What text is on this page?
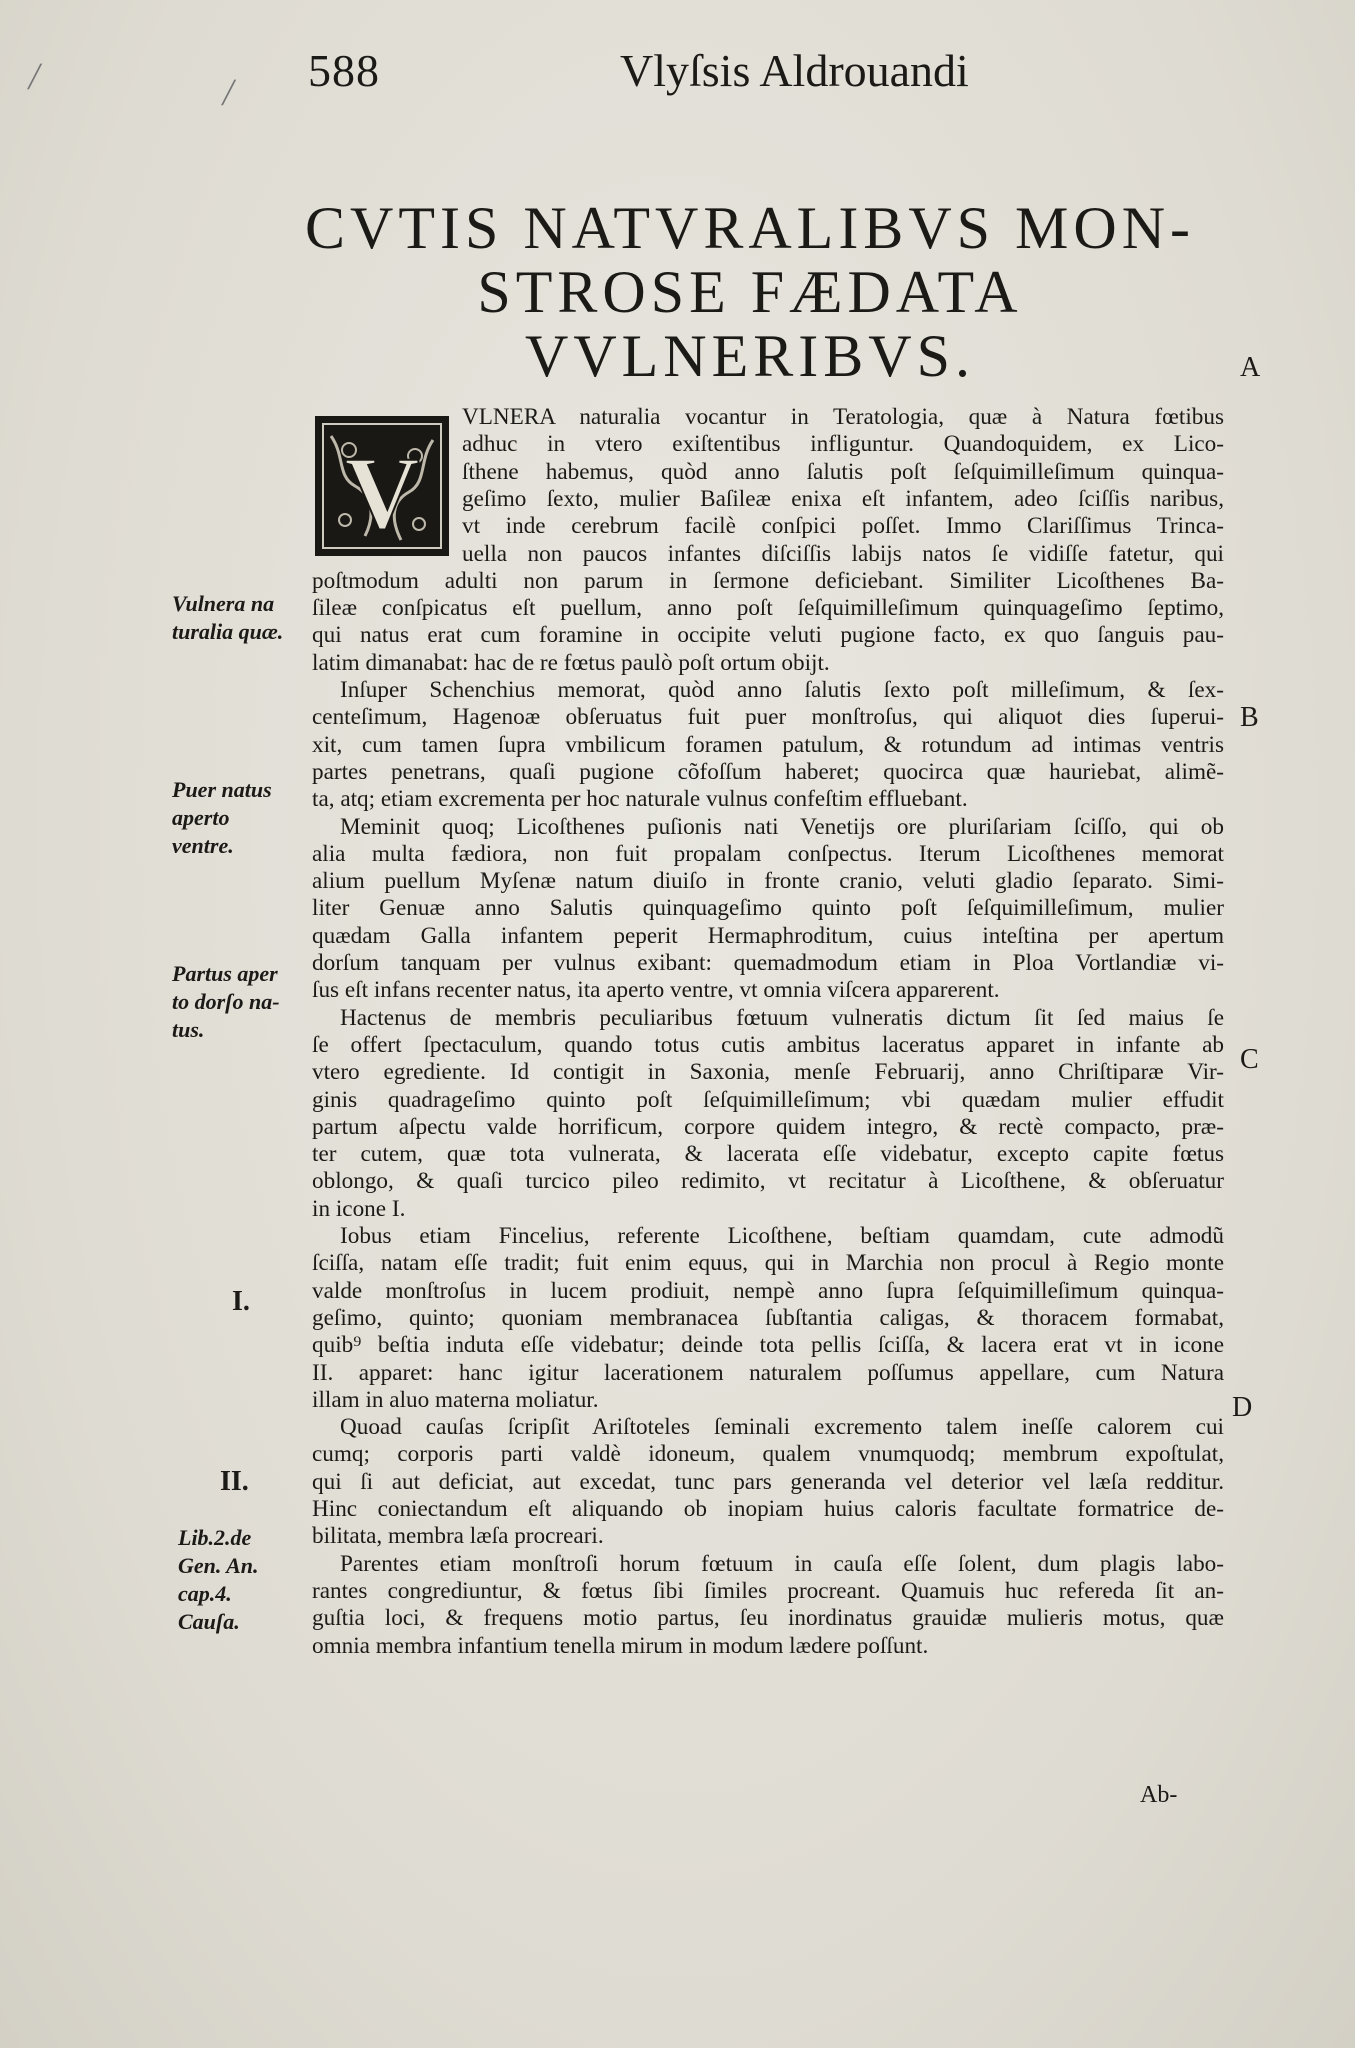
588	Vlyſsis Aldrouandi
CVTIS NATVRALIBVS MON-
STROSE FÆDATA
VVLNERIBVS.	A
B
C
D
V
Vulnera na
turalia quæ.
Puer natus
aperto
ventre.
Partus aper
to dorſo na-
tus.
Lib.2.de
Gen. An.
cap.4.
Cauſa.
I.
II.
VLNERA naturalia vocantur in Teratologia, quæ à Natura fœtibus
adhuc in vtero exiſtentibus infliguntur. Quandoquidem, ex Lico-
ſthene habemus, quòd anno ſalutis poſt ſeſquimilleſimum quinqua-
geſimo ſexto, mulier Baſileæ enixa eſt infantem, adeo ſciſſis naribus,
vt inde cerebrum facilè conſpici poſſet. Immo Clariſſimus Trinca-
uella non paucos infantes diſciſſis labijs natos ſe vidiſſe fatetur, qui
poſtmodum adulti non parum in ſermone deficiebant. Similiter Licoſthenes Ba-
ſileæ conſpicatus eſt puellum, anno poſt ſeſquimilleſimum quinquageſimo ſeptimo,
qui natus erat cum foramine in occipite veluti pugione facto, ex quo ſanguis pau-
latim dimanabat: hac de re fœtus paulò poſt ortum obijt.
Inſuper Schenchius memorat, quòd anno ſalutis ſexto poſt milleſimum, & ſex-
centeſimum, Hagenoæ obſeruatus fuit puer monſtroſus, qui aliquot dies ſuperui-
xit, cum tamen ſupra vmbilicum foramen patulum, & rotundum ad intimas ventris
partes penetrans, quaſi pugione cõfoſſum haberet; quocirca quæ hauriebat, alimẽ-
ta, atq; etiam excrementa per hoc naturale vulnus confeſtim effluebant.
Meminit quoq; Licoſthenes puſionis nati Venetijs ore pluriſariam ſciſſo, qui ob
alia multa fædiora, non fuit propalam conſpectus. Iterum Licoſthenes memorat
alium puellum Myſenæ natum diuiſo in fronte cranio, veluti gladio ſeparato. Simi-
liter Genuæ anno Salutis quinquageſimo quinto poſt ſeſquimilleſimum, mulier
quædam Galla infantem peperit Hermaphroditum, cuius inteſtina per apertum
dorſum tanquam per vulnus exibant: quemadmodum etiam in Ploa Vortlandiæ vi-
ſus eſt infans recenter natus, ita aperto ventre, vt omnia viſcera apparerent.
Hactenus de membris peculiaribus fœtuum vulneratis dictum ſit ſed maius ſe
ſe offert ſpectaculum, quando totus cutis ambitus laceratus apparet in infante ab
vtero egrediente. Id contigit in Saxonia, menſe Februarij, anno Chriſtiparæ Vir-
ginis quadrageſimo quinto poſt ſeſquimilleſimum; vbi quædam mulier effudit
partum aſpectu valde horrificum, corpore quidem integro, & rectè compacto, præ-
ter cutem, quæ tota vulnerata, & lacerata eſſe videbatur, excepto capite fœtus
oblongo, & quaſi turcico pileo redimito, vt recitatur à Licoſthene, & obſeruatur
in icone I.
Iobus etiam Fincelius, referente Licoſthene, beſtiam quamdam, cute admodũ
ſciſſa, natam eſſe tradit; fuit enim equus, qui in Marchia non procul à Regio monte
valde monſtroſus in lucem prodiuit, nempè anno ſupra ſeſquimilleſimum quinqua-
geſimo, quinto; quoniam membranacea ſubſtantia caligas, & thoracem formabat,
quib⁹ beſtia induta eſſe videbatur; deinde tota pellis ſciſſa, & lacera erat vt in icone
II. apparet: hanc igitur lacerationem naturalem poſſumus appellare, cum Natura
illam in aluo materna moliatur.
Quoad cauſas ſcripſit Ariſtoteles ſeminali excremento talem ineſſe calorem cui
cumq; corporis parti valdè idoneum, qualem vnumquodq; membrum expoſtulat,
qui ſi aut deficiat, aut excedat, tunc pars generanda vel deterior vel læſa redditur.
Hinc coniectandum eſt aliquando ob inopiam huius caloris facultate formatrice de-
bilitata, membra læſa procreari.
Parentes etiam monſtroſi horum fœtuum in cauſa eſſe ſolent, dum plagis labo-
rantes congrediuntur, & fœtus ſibi ſimiles procreant. Quamuis huc refereda ſit an-
guſtia loci, & frequens motio partus, ſeu inordinatus grauidæ mulieris motus, quæ
omnia membra infantium tenella mirum in modum lædere poſſunt.
Ab-
╱
╱
